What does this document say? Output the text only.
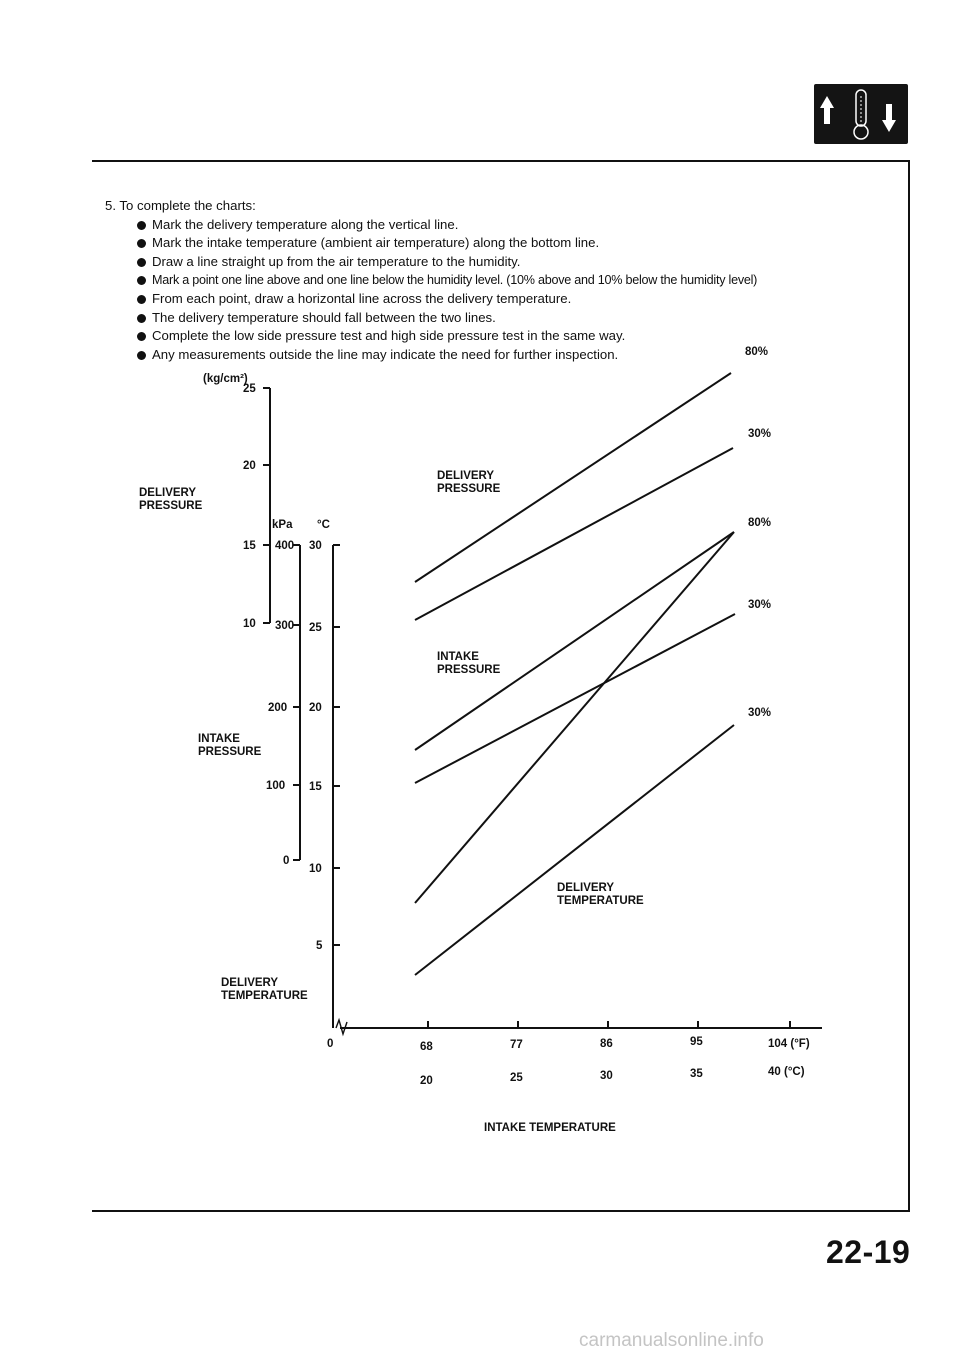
5. To complete the charts:
Mark the delivery temperature along the vertical line.
Mark the intake temperature (ambient air temperature) along the bottom line.
Draw a line straight up from the air temperature to the humidity.
Mark a point one line above and one line below the humidity level. (10% above and 10% below the humidity level)
From each point, draw a horizontal line across the delivery temperature.
The delivery temperature should fall between the two lines.
Complete the low side pressure test and high side pressure test in the same way.
Any measurements outside the line may indicate the need for further inspection.
(kg/cm²)
25
20
15
10
DELIVERY
PRESSURE
kPa
400
300
200
100
0
INTAKE
PRESSURE
°C
30
25
20
15
10
5
DELIVERY
TEMPERATURE
0	68	77	86	95	104 (°F)
20	25	30	35	40 (°C)
INTAKE TEMPERATURE
DELIVERY
PRESSURE
INTAKE
PRESSURE
DELIVERY
TEMPERATURE
80%
30%
80%
30%
30%
22-19
carmanualsonline.info
